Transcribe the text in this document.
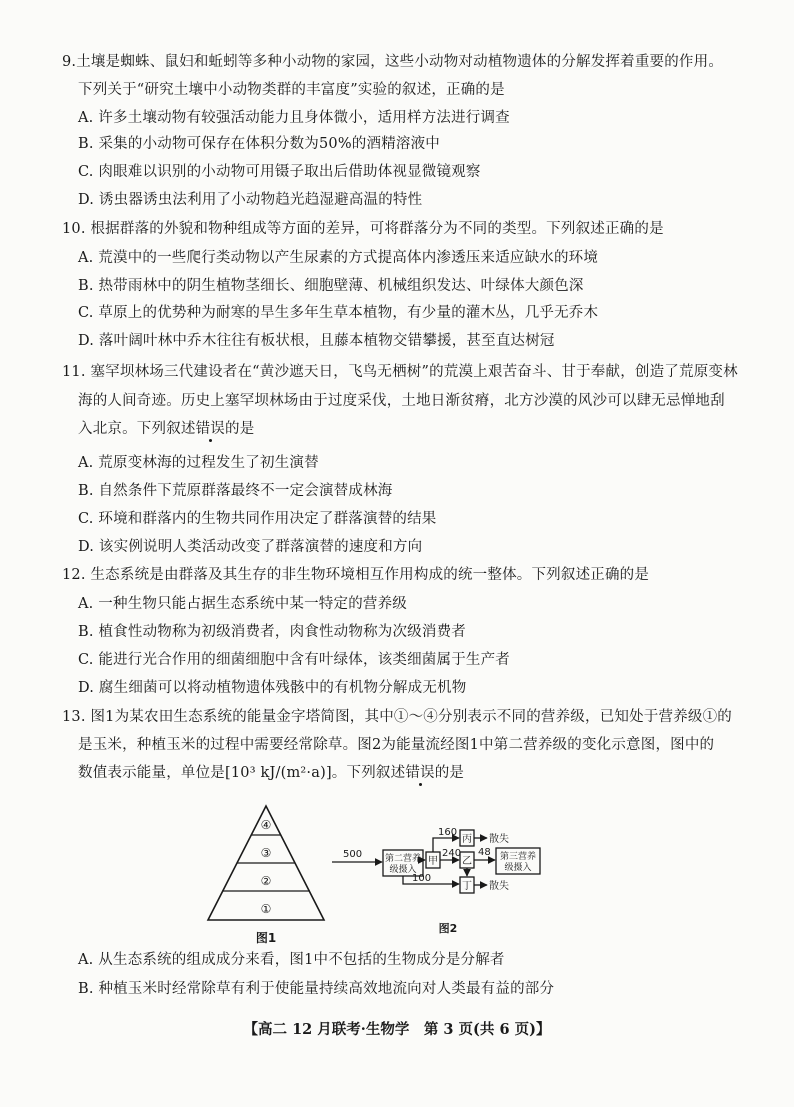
9.土壤是蜘蛛、鼠妇和蚯蚓等多种小动物的家园，这些小动物对动植物遗体的分解发挥着重要的作用。
下列关于“研究土壤中小动物类群的丰富度”实验的叙述，正确的是
A. 许多土壤动物有较强活动能力且身体微小，适用样方法进行调查
B. 采集的小动物可保存在体积分数为50%的酒精溶液中
C. 肉眼难以识别的小动物可用镊子取出后借助体视显微镜观察
D. 诱虫器诱虫法利用了小动物趋光趋湿避高温的特性
10. 根据群落的外貌和物种组成等方面的差异，可将群落分为不同的类型。下列叙述正确的是
A. 荒漠中的一些爬行类动物以产生尿素的方式提高体内渗透压来适应缺水的环境
B. 热带雨林中的阴生植物茎细长、细胞壁薄、机械组织发达、叶绿体大颜色深
C. 草原上的优势种为耐寒的旱生多年生草本植物，有少量的灌木丛，几乎无乔木
D. 落叶阔叶林中乔木往往有板状根，且藤本植物交错攀援，甚至直达树冠
11. 塞罕坝林场三代建设者在“黄沙遮天日，飞鸟无栖树”的荒漠上艰苦奋斗、甘于奉献，创造了荒原变林
海的人间奇迹。历史上塞罕坝林场由于过度采伐，土地日渐贫瘠，北方沙漠的风沙可以肆无忌惮地刮
入北京。下列叙述错误的是
A. 荒原变林海的过程发生了初生演替
B. 自然条件下荒原群落最终不一定会演替成林海
C. 环境和群落内的生物共同作用决定了群落演替的结果
D. 该实例说明人类活动改变了群落演替的速度和方向
12. 生态系统是由群落及其生存的非生物环境相互作用构成的统一整体。下列叙述正确的是
A. 一种生物只能占据生态系统中某一特定的营养级
B. 植食性动物称为初级消费者，肉食性动物称为次级消费者
C. 能进行光合作用的细菌细胞中含有叶绿体，该类细菌属于生产者
D. 腐生细菌可以将动植物遗体残骸中的有机物分解成无机物
13. 图1为某农田生态系统的能量金字塔简图，其中①～④分别表示不同的营养级，已知处于营养级①的
是玉米，种植玉米的过程中需要经常除草。图2为能量流经图1中第二营养级的变化示意图，图中的
数值表示能量，单位是[10³ kJ/(m²·a)]。下列叙述错误的是
A. 从生态系统的组成成分来看，图1中不包括的生物成分是分解者
B. 种植玉米时经常除草有利于使能量持续高效地流向对人类最有益的部分
④
③
②
①
图1
500	第二营养
级摄入
甲
160
丙 散失
240
乙
48 第三营养
级摄入
100
丁 散失
图2
【高二 12 月联考·生物学　第 3 页(共 6 页)】
